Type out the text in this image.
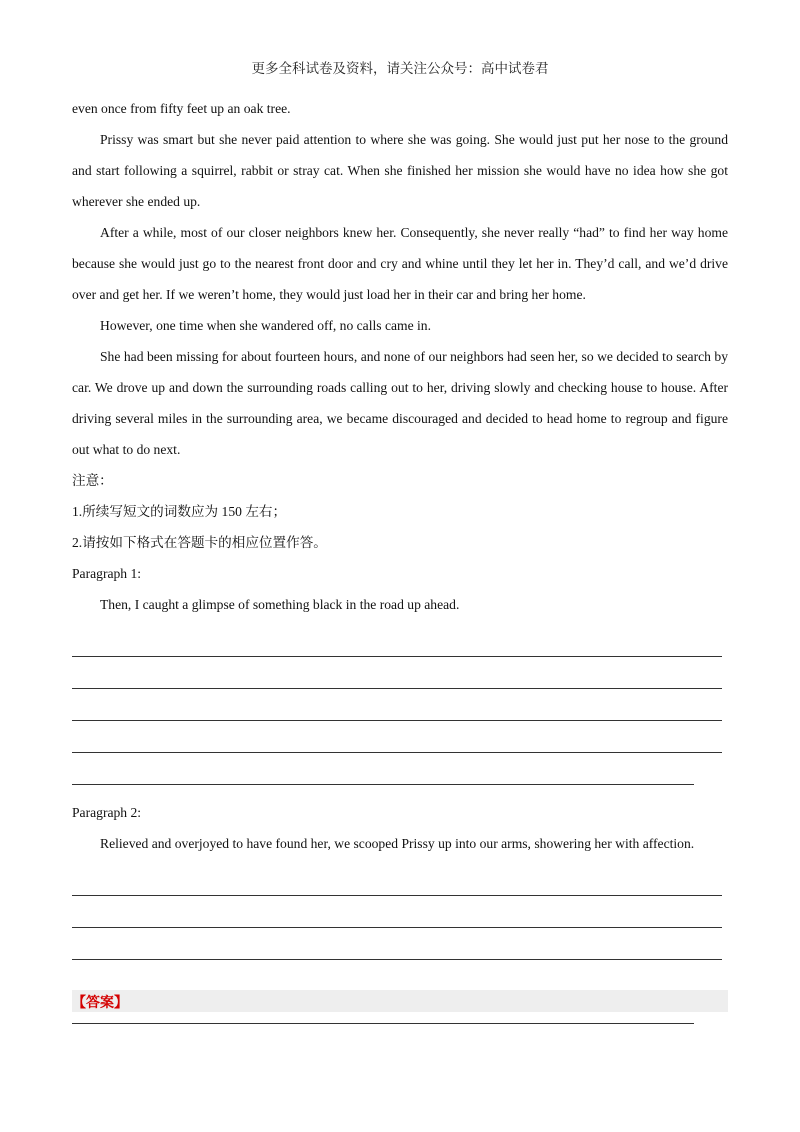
更多全科试卷及资料，请关注公众号：高中试卷君

even once from fifty feet up an oak tree.

Prissy was smart but she never paid attention to where she was going. She would just put her nose to the ground and start following a squirrel, rabbit or stray cat. When she finished her mission she would have no idea how she got wherever she ended up.

After a while, most of our closer neighbors knew her. Consequently, she never really “had” to find her way home because she would just go to the nearest front door and cry and whine until they let her in. They’d call, and we’d drive over and get her. If we weren’t home, they would just load her in their car and bring her home.

However, one time when she wandered off, no calls came in.

She had been missing for about fourteen hours, and none of our neighbors had seen her, so we decided to search by car. We drove up and down the surrounding roads calling out to her, driving slowly and checking house to house. After driving several miles in the surrounding area, we became discouraged and decided to head home to regroup and figure out what to do next.

注意：

1.所续写短文的词数应为 150 左右；

2.请按如下格式在答题卡的相应位置作答。

Paragraph 1:

Then, I caught a glimpse of something black in the road up ahead.

Paragraph 2:

Relieved and overjoyed to have found her, we scooped Prissy up into our arms, showering her with affection.

【答案】
